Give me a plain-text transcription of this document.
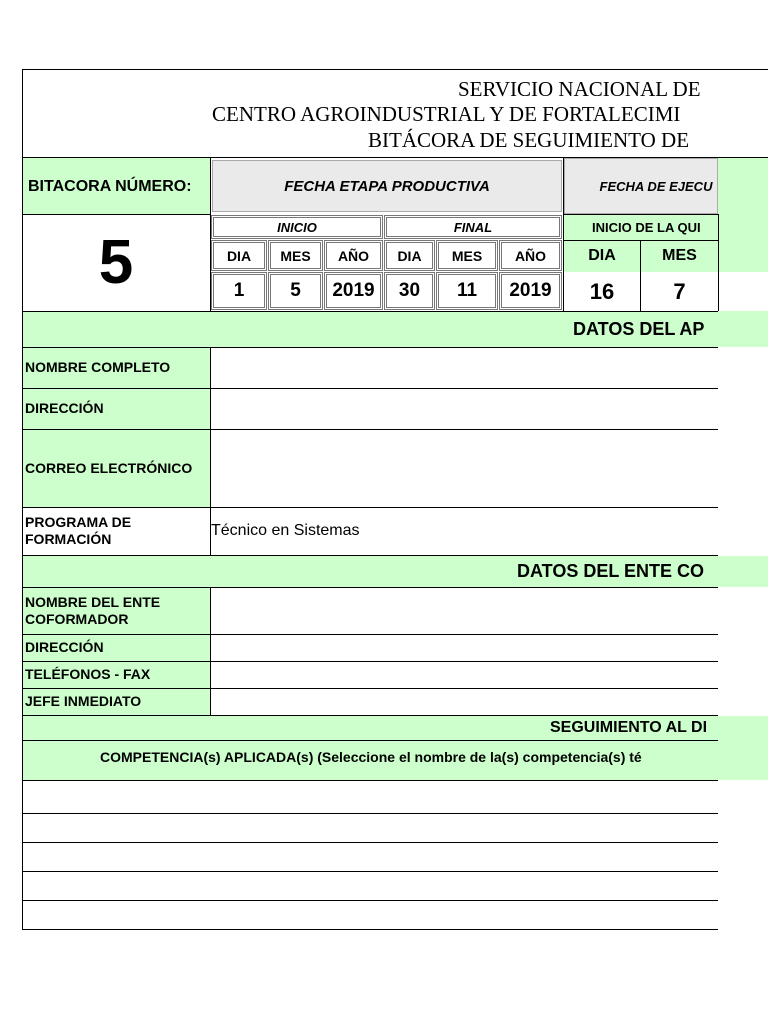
SERVICIO NACIONAL DE
CENTRO AGROINDUSTRIAL Y DE FORTALECIMI
BITÁCORA DE SEGUIMIENTO DE
BITACORA NÚMERO:
5
FECHA ETAPA PRODUCTIVA
INICIO	FINAL
DIA	MES	AÑO	DIA	MES	AÑO
1	5	2019	30	11	2019
FECHA DE EJECU
INICIO DE LA QUI
DIA	MES
16	7
DATOS DEL AP
NOMBRE COMPLETO
DIRECCIÓN
CORREO ELECTRÓNICO
PROGRAMA DE FORMACIÓN	Técnico en Sistemas
DATOS DEL ENTE CO
NOMBRE DEL ENTE COFORMADOR
DIRECCIÓN
TELÉFONOS - FAX
JEFE INMEDIATO
SEGUIMIENTO AL DI
COMPETENCIA(s) APLICADA(s) (Seleccione el nombre de la(s) competencia(s) té
